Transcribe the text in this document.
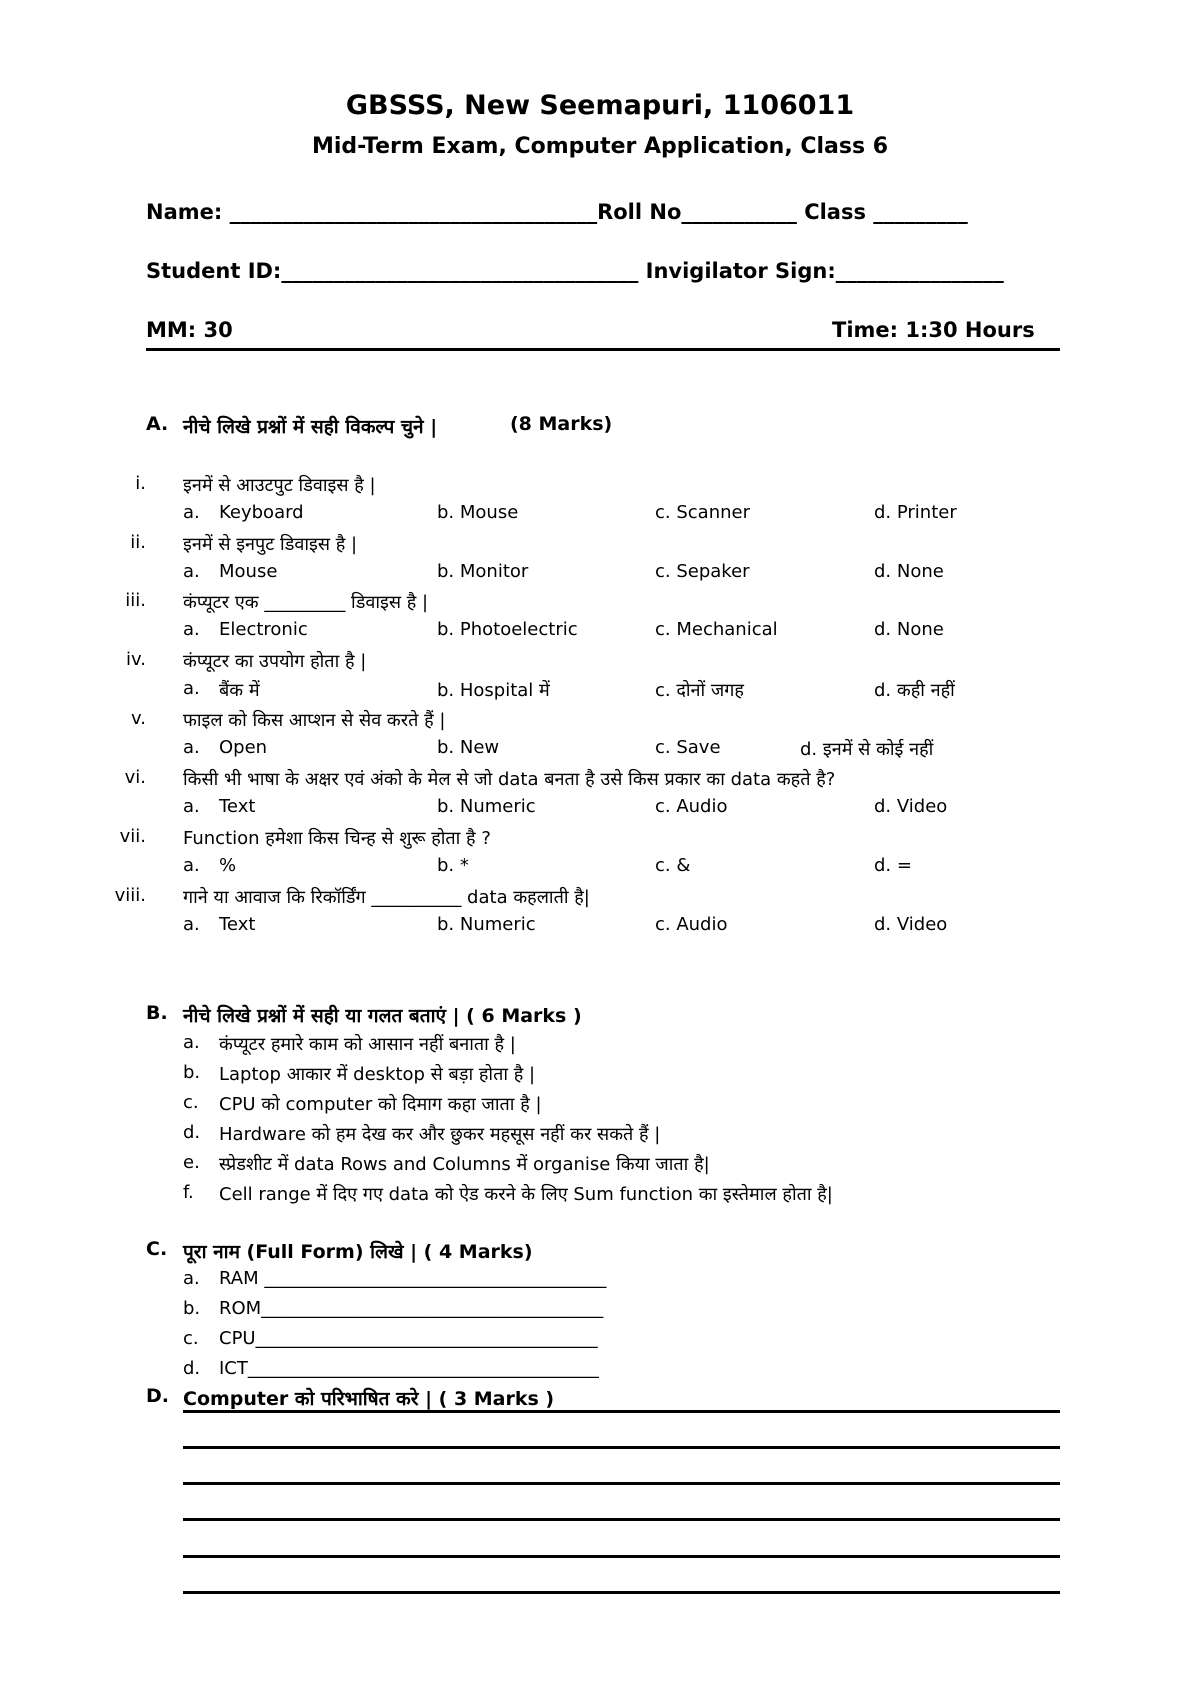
GBSSS, New Seemapuri, 1106011
Mid-Term Exam, Computer Application, Class 6
Name: ___________________________________Roll No___________ Class _________
Student ID:__________________________________ Invigilator Sign:________________
MM: 30	Time: 1:30 Hours
A. नीचे लिखे प्रश्नों में सही विकल्प चुने |	(8 Marks)
i. इनमें से आउटपुट डिवाइस है |
a. Keyboard	b. Mouse	c. Scanner	d. Printer
ii. इनमें से इनपुट डिवाइस है |
a. Mouse	b. Monitor	c. Sepaker	d. None
iii. कंप्यूटर एक _________ डिवाइस है |
a. Electronic	b. Photoelectric	c. Mechanical	d. None
iv. कंप्यूटर का उपयोग होता है |
a. बैंक में	b. Hospital में	c. दोनों जगह	d. कही नहीं
v. फाइल को किस आप्शन से सेव करते हैं |
a. Open	b. New	c. Save	d. इनमें से कोई नहीं
vi. किसी भी भाषा के अक्षर एवं अंको के मेल से जो data बनता है उसे किस प्रकार का data कहते है?
a. Text	b. Numeric	c. Audio	d. Video
vii. Function हमेशा किस चिन्ह से शुरू होता है ?
a. %	b. *	c. &	d. =
viii. गाने या आवाज कि रिकॉर्डिंग __________ data कहलाती है|
a. Text	b. Numeric	c. Audio	d. Video
B. नीचे लिखे प्रश्नों में सही या गलत बताएं | ( 6 Marks )
a. कंप्यूटर हमारे काम को आसान नहीं बनाता है |
b. Laptop आकार में desktop से बड़ा होता है |
c. CPU को computer को दिमाग कहा जाता है |
d. Hardware को हम देख कर और छुकर महसूस नहीं कर सकते हैं |
e. स्प्रेडशीट में data Rows and Columns में organise किया जाता है|
f. Cell range में दिए गए data को ऐड करने के लिए Sum function का इस्तेमाल होता है|
C. पूरा नाम (Full Form) लिखे | ( 4 Marks)
a. RAM ______________________________________
b. ROM______________________________________
c. CPU______________________________________
d. ICT_______________________________________
D. Computer को परिभाषित करे | ( 3 Marks )
